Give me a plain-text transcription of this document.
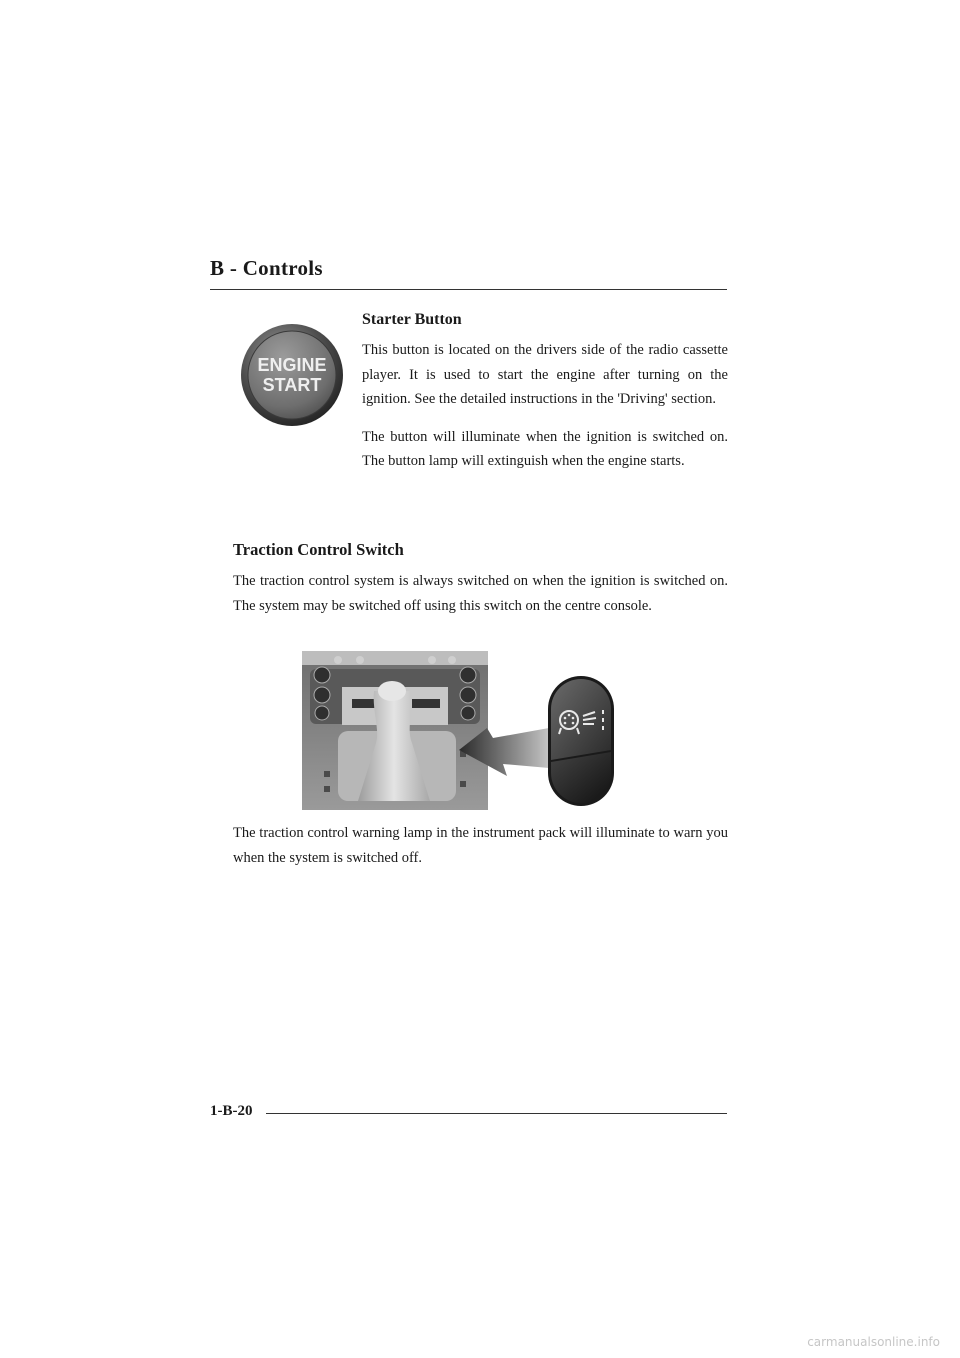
B - Controls
ENGINE
START
Starter Button

This button is located on the drivers side of the radio cassette player. It is used to start the engine after turning on the ignition. See the detailed instructions in the 'Driving' section.

The button will illuminate when the ignition is switched on. The button lamp will extinguish when the engine starts.

Traction Control Switch

The traction control system is always switched on when the ignition is switched on. The system may be switched off using this switch on the centre console.

The traction control warning lamp in the instrument pack will illuminate to warn you when the system is switched off.

1-B-20
carmanualsonline.info
